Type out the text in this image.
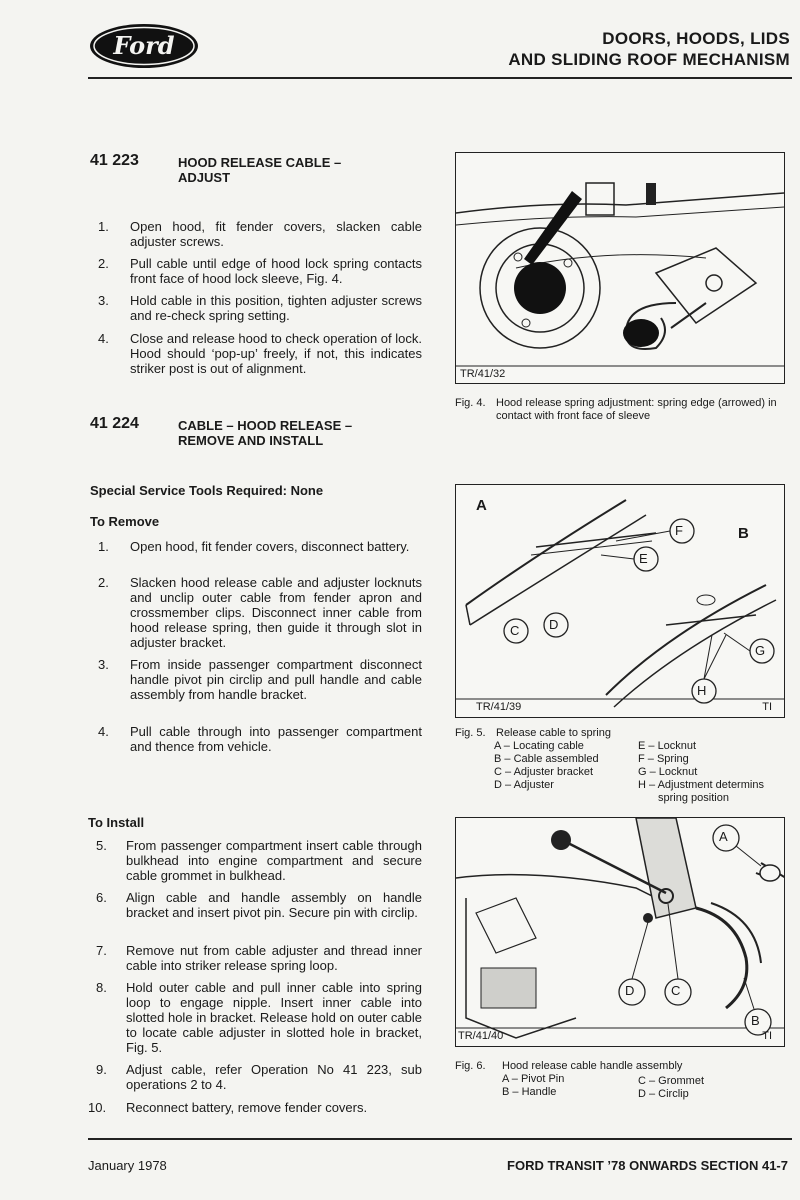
Ford	DOORS, HOODS, LIDS
AND SLIDING ROOF MECHANISM
41 223	HOOD RELEASE CABLE –
ADJUST
1.	Open hood, fit fender covers, slacken cable adjuster screws.
2.	Pull cable until edge of hood lock spring contacts front face of hood lock sleeve, Fig. 4.
3.	Hold cable in this position, tighten adjuster screws and re-check spring setting.
4.	Close and release hood to check operation of lock. Hood should ‘pop-up’ freely, if not, this indicates striker post is out of alignment.
41 224	CABLE – HOOD RELEASE –
REMOVE AND INSTALL
Special Service Tools Required: None
To Remove
1.	Open hood, fit fender covers, disconnect battery.
2.	Slacken hood release cable and adjuster locknuts and unclip outer cable from fender apron and crossmember clips. Disconnect inner cable from hood release spring, then guide it through slot in adjuster bracket.
3.	From inside passenger compartment disconnect handle pivot pin circlip and pull handle and cable assembly from handle bracket.
4.	Pull cable through into passenger compartment and thence from vehicle.
To Install
5.	From passenger compartment insert cable through bulkhead into engine compartment and secure cable grommet in bulkhead.
6.	Align cable and handle assembly on handle bracket and insert pivot pin. Secure pin with circlip.
7.	Remove nut from cable adjuster and thread inner cable into striker release spring loop.
8.	Hold outer cable and pull inner cable into spring loop to engage nipple. Insert inner cable into slotted hole in bracket. Release hold on outer cable to locate cable adjuster in slotted hole in bracket, Fig. 5.
9.	Adjust cable, refer Operation No 41 223, sub operations 2 to 4.
10.	Reconnect battery, remove fender covers.
TR/41/32
Fig. 4. Hood release spring adjustment: spring edge (arrowed) in contact with front face of sleeve
A
B
F
E
C D
G
H
TR/41/39	TI
Fig. 5. Release cable to spring
A – Locating cable
B – Cable assembled
C – Adjuster bracket
D – Adjuster
E – Locknut
F – Spring
G – Locknut
H – Adjustment determins
spring position
A
B
C
D
TR/41/40	TI
Fig. 6. Hood release cable handle assembly
A – Pivot Pin
B – Handle
C – Grommet
D – Circlip
January 1978	FORD TRANSIT ’78 ONWARDS SECTION 41-7
